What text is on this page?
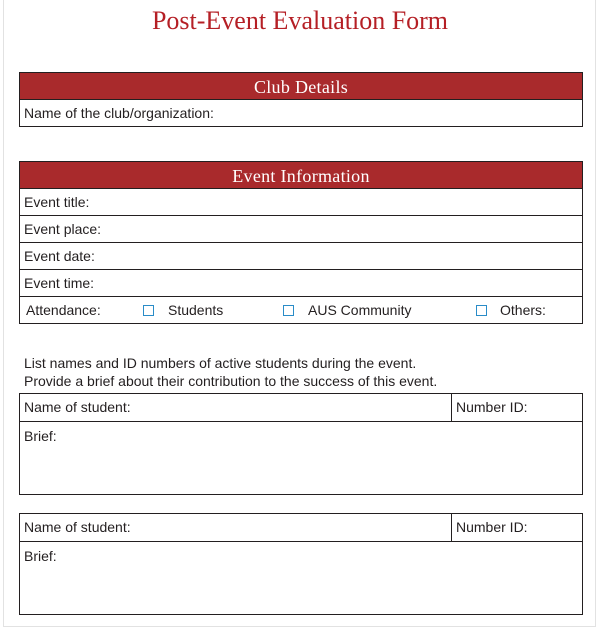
Post-Event Evaluation Form
Club Details
Name of the club/organization:
Event Information
Event title:
Event place:
Event date:
Event time:
Attendance:	Students	AUS Community	Others:
List names and ID numbers of active students during the event.
Provide a brief about their contribution to the success of this event.
Name of student:	Number ID:
Brief:
Name of student:	Number ID:
Brief:
